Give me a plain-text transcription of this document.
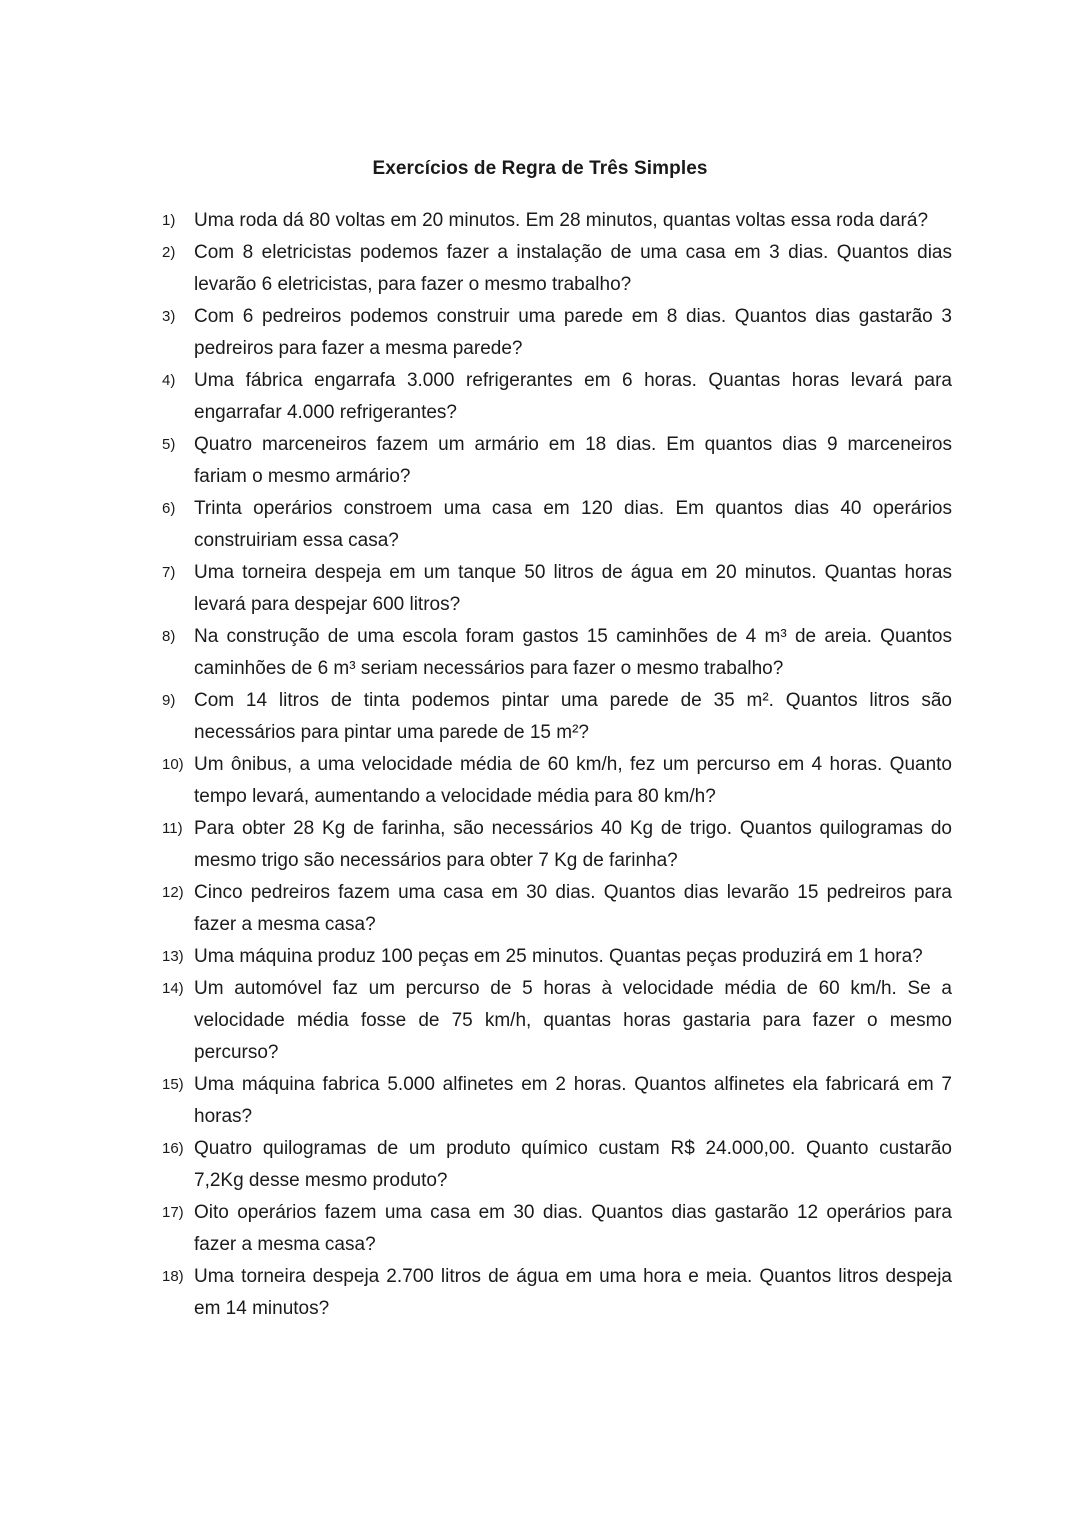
Exercícios de Regra de Três Simples
1) Uma roda dá 80 voltas em 20 minutos. Em 28 minutos, quantas voltas essa roda dará?
2) Com 8 eletricistas podemos fazer a instalação de uma casa em 3 dias. Quantos dias levarão 6 eletricistas, para fazer o mesmo trabalho?
3) Com 6 pedreiros podemos construir uma parede em 8 dias. Quantos dias gastarão 3 pedreiros para fazer a mesma parede?
4) Uma fábrica engarrafa 3.000 refrigerantes em 6 horas. Quantas horas levará para engarrafar 4.000 refrigerantes?
5) Quatro marceneiros fazem um armário em 18 dias. Em quantos dias 9 marceneiros fariam o mesmo armário?
6) Trinta operários constroem uma casa em 120 dias. Em quantos dias 40 operários construiriam essa casa?
7) Uma torneira despeja em um tanque 50 litros de água em 20 minutos. Quantas horas levará para despejar 600 litros?
8) Na construção de uma escola foram gastos 15 caminhões de 4 m³ de areia. Quantos caminhões de 6 m³ seriam necessários para fazer o mesmo trabalho?
9) Com 14 litros de tinta podemos pintar uma parede de 35 m². Quantos litros são necessários para pintar uma parede de 15 m²?
10) Um ônibus, a uma velocidade média de 60 km/h, fez um percurso em 4 horas. Quanto tempo levará, aumentando a velocidade média para 80 km/h?
11) Para obter 28 Kg de farinha, são necessários 40 Kg de trigo. Quantos quilogramas do mesmo trigo são necessários para obter 7 Kg de farinha?
12) Cinco pedreiros fazem uma casa em 30 dias. Quantos dias levarão 15 pedreiros para fazer a mesma casa?
13) Uma máquina produz 100 peças em 25 minutos. Quantas peças produzirá em 1 hora?
14) Um automóvel faz um percurso de 5 horas à velocidade média de 60 km/h. Se a velocidade média fosse de 75 km/h, quantas horas gastaria para fazer o mesmo percurso?
15) Uma máquina fabrica 5.000 alfinetes em 2 horas. Quantos alfinetes ela fabricará em 7 horas?
16) Quatro quilogramas de um produto químico custam R$ 24.000,00. Quanto custarão 7,2Kg desse mesmo produto?
17) Oito operários fazem uma casa em 30 dias. Quantos dias gastarão 12 operários para fazer a mesma casa?
18) Uma torneira despeja 2.700 litros de água em uma hora e meia. Quantos litros despeja em 14 minutos?
